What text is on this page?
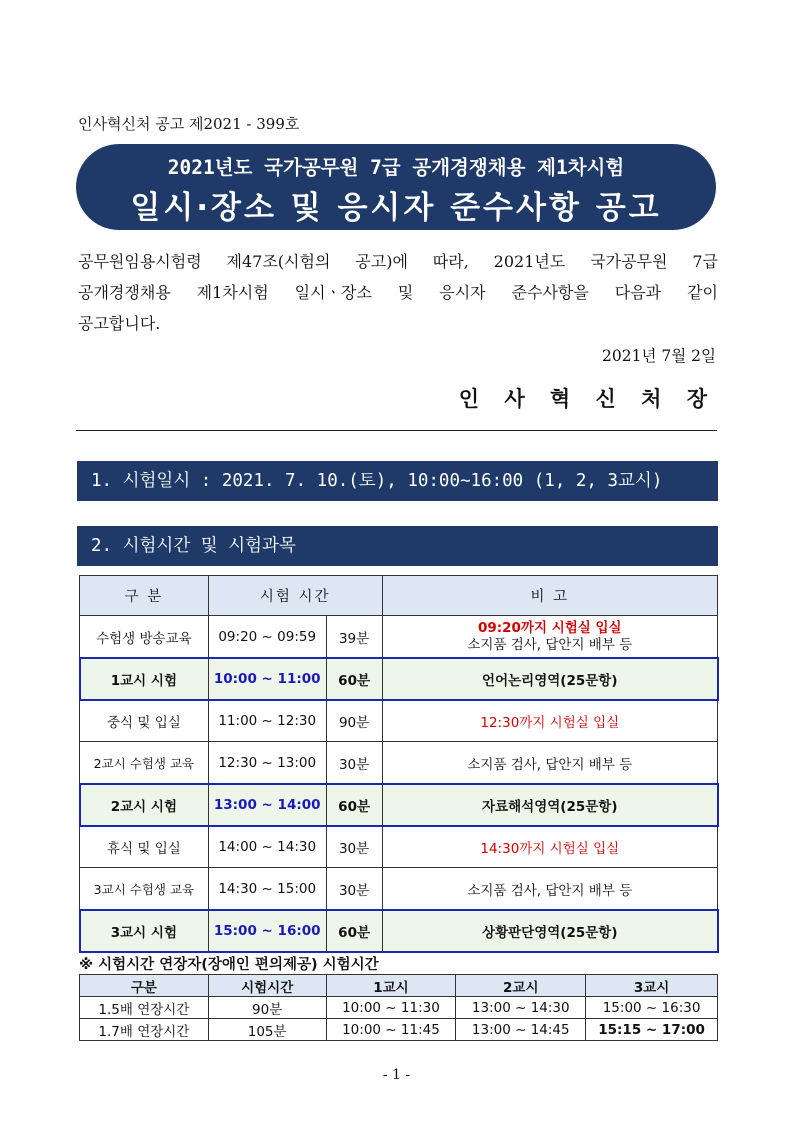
인사혁신처 공고 제2021 - 399호
2021년도 국가공무원 7급 공개경쟁채용 제1차시험
일시·장소 및 응시자 준수사항 공고
공무원임용시험령 제47조(시험의 공고)에 따라, 2021년도 국가공무원 7급
공개경쟁채용 제1차시험 일시ㆍ장소 및 응시자 준수사항을 다음과 같이
공고합니다.
2021년 7월 2일
인 사 혁 신 처 장
1. 시험일시 : 2021. 7. 10.(토), 10:00∼16:00 (1, 2, 3교시)
2. 시험시간 및 시험과목
구 분	시험 시간		비 고
수험생 방송교육	09:20 ~ 09:59	39분	09:20까지 시험실 입실
소지품 검사, 답안지 배부 등

1교시 시험	10:00 ~ 11:00	60분	언어논리영역(25문항)
중식 및 입실	11:00 ~ 12:30	90분	12:30까지 시험실 입실
2교시 수험생 교육	12:30 ~ 13:00	30분	소지품 검사, 답안지 배부 등
2교시 시험	13:00 ~ 14:00	60분	자료해석영역(25문항)
휴식 및 입실	14:00 ~ 14:30	30분	14:30까지 시험실 입실
3교시 수험생 교육	14:30 ~ 15:00	30분	소지품 검사, 답안지 배부 등
3교시 시험	15:00 ~ 16:00	60분	상황판단영역(25문항)
※ 시험시간 연장자(장애인 편의제공) 시험시간
구분	시험시간	1교시	2교시	3교시
1.5배 연장시간	90분	10:00 ~ 11:30	13:00 ~ 14:30	15:00 ~ 16:30
1.7배 연장시간	105분	10:00 ~ 11:45	13:00 ~ 14:45	15:15 ~ 17:00
- 1 -
